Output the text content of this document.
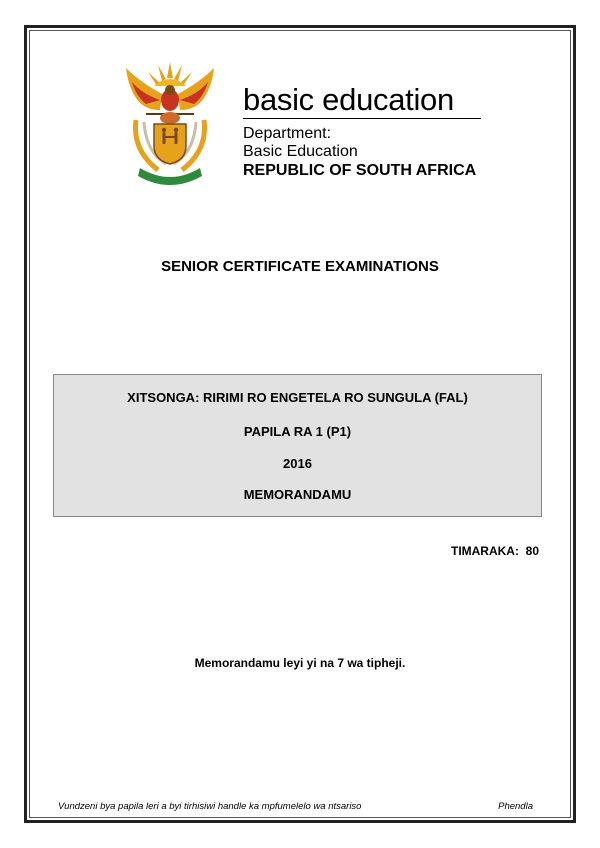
basic education
Department:
Basic Education
REPUBLIC OF SOUTH AFRICA
SENIOR CERTIFICATE EXAMINATIONS
XITSONGA: RIRIMI RO ENGETELA RO SUNGULA (FAL)
PAPILA RA 1 (P1)
2016
MEMORANDAMU
TIMARAKA:  80
Memorandamu leyi yi na 7 wa tipheji.
Vundzeni bya papila leri a byi tirhisiwi handle ka mpfumelelo wa ntsariso	Phendla
